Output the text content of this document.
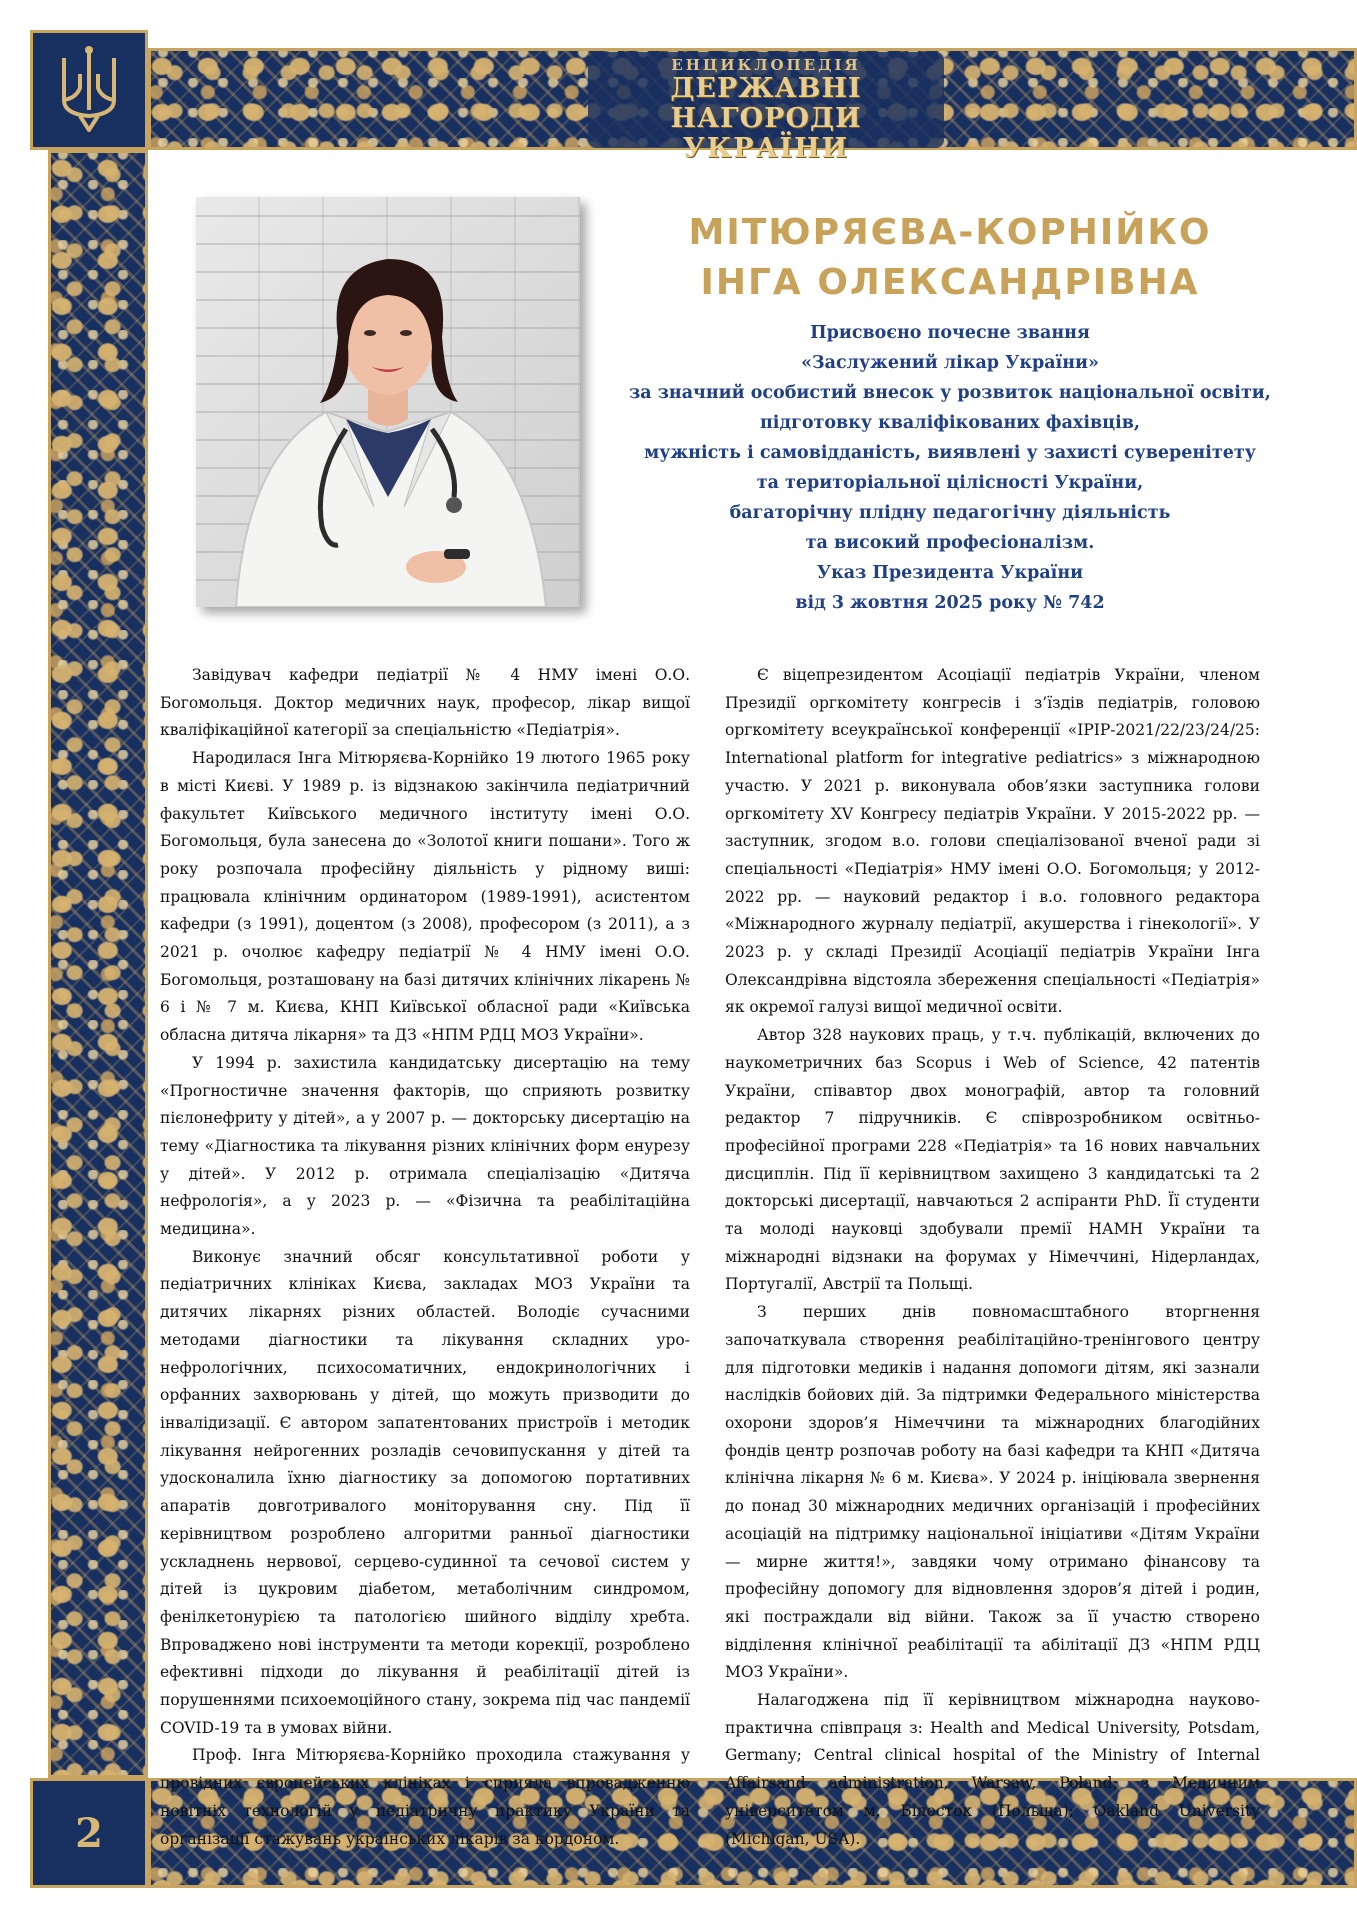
ЕНЦИКЛОПЕДІЯ
ДЕРЖАВНІ НАГОРОДИ
УКРАЇНИ
МІТЮРЯЄВА-КОРНІЙКО
ІНГА ОЛЕКСАНДРІВНА
Присвоєно почесне звання
«Заслужений лікар України»
за значний особистий внесок у розвиток національної освіти,
підготовку кваліфікованих фахівців,
мужність і самовідданість, виявлені у захисті суверенітету
та територіальної цілісності України,
багаторічну плідну педагогічну діяльність
та високий професіоналізм.
Указ Президента України
від 3 жовтня 2025 року № 742

Завідувач кафедри педіатрії № 4 НМУ імені О.О. Богомольця. Доктор медичних наук, професор, лікар вищої кваліфікаційної категорії за спеціальністю «Педіатрія».

Народилася Інга Мітюряєва-Корнійко 19 лютого 1965 року в місті Києві. У 1989 р. із відзнакою закінчила педіатричний факультет Київського медичного інституту імені О.О. Богомольця, була занесена до «Золотої книги пошани». Того ж року розпочала професійну діяльність у рідному виші: працювала клінічним ординатором (1989-1991), асистентом кафедри (з 1991), доцентом (з 2008), професором (з 2011), а з 2021 р. очолює кафедру педіатрії № 4 НМУ імені О.О. Богомольця, розташовану на базі дитячих клінічних лікарень № 6 і № 7 м. Києва, КНП Київської обласної ради «Київська обласна дитяча лікарня» та ДЗ «НПМ РДЦ МОЗ України».

У 1994 р. захистила кандидатську дисертацію на тему «Прогностичне значення факторів, що сприяють розвитку пієлонефриту у дітей», а у 2007 р. — докторську дисертацію на тему «Діагностика та лікування різних клінічних форм енурезу у дітей». У 2012 р. отримала спеціалізацію «Дитяча нефрологія», а у 2023 р. — «Фізична та реабілітаційна медицина».

Виконує значний обсяг консультативної роботи у педіатричних клініках Києва, закладах МОЗ України та дитячих лікарнях різних областей. Володіє сучасними методами діагностики та лікування складних уро-нефрологічних, психосоматичних, ендокринологічних і орфанних захворювань у дітей, що можуть призводити до інвалідизації. Є автором запатентованих пристроїв і методик лікування нейрогенних розладів сечовипускання у дітей та удосконалила їхню діагностику за допомогою портативних апаратів довготривалого моніторування сну. Під її керівництвом розроблено алгоритми ранньої діагностики ускладнень нервової, серцево-судинної та сечової систем у дітей із цукровим діабетом, метаболічним синдромом, фенілкетонурією та патологією шийного відділу хребта. Впроваджено нові інструменти та методи корекції, розроблено ефективні підходи до лікування й реабілітації дітей із порушеннями психоемоційного стану, зокрема під час пандемії COVID-19 та в умовах війни.

Проф. Інга Мітюряєва-Корнійко проходила стажування у провідних європейських клініках і сприяла впровадженню новітніх технологій у педіатричну практику України та організації стажувань українських лікарів за кордоном.

Є віцепрезидентом Асоціації педіатрів України, членом Президії оргкомітету конгресів і з’їздів педіатрів, головою оргкомітету всеукраїнської конференції «ІРІР-2021/22/23/24/25: International platform for integrative pediatrics» з міжнародною участю. У 2021 р. виконувала обов’язки заступника голови оргкомітету XV Конгресу педіатрів України. У 2015-2022 рр. — заступник, згодом в.о. голови спеціалізованої вченої ради зі спеціальності «Педіатрія» НМУ імені О.О. Богомольця; у 2012-2022 рр. — науковий редактор і в.о. головного редактора «Міжнародного журналу педіатрії, акушерства і гінекології». У 2023 р. у складі Президії Асоціації педіатрів України Інга Олександрівна відстояла збереження спеціальності «Педіатрія» як окремої галузі вищої медичної освіти.

Автор 328 наукових праць, у т.ч. публікацій, включених до наукометричних баз Scopus і Web of Science, 42 патентів України, співавтор двох монографій, автор та головний редактор 7 підручників. Є співрозробником освітньо-професійної програми 228 «Педіатрія» та 16 нових навчальних дисциплін. Під її керівництвом захищено 3 кандидатські та 2 докторські дисертації, навчаються 2 аспіранти PhD. Її студенти та молоді науковці здобували премії НАМН України та міжнародні відзнаки на форумах у Німеччині, Нідерландах, Португалії, Австрії та Польщі.

З перших днів повномасштабного вторгнення започаткувала створення реабілітаційно-тренінгового центру для підготовки медиків і надання допомоги дітям, які зазнали наслідків бойових дій. За підтримки Федерального міністерства охорони здоров’я Німеччини та міжнародних благодійних фондів центр розпочав роботу на базі кафедри та КНП «Дитяча клінічна лікарня № 6 м. Києва». У 2024 р. ініціювала звернення до понад 30 міжнародних медичних організацій і професійних асоціацій на підтримку національної ініціативи «Дітям України — мирне життя!», завдяки чому отримано фінансову та професійну допомогу для відновлення здоров’я дітей і родин, які постраждали від війни. Також за її участю створено відділення клінічної реабілітації та абілітації ДЗ «НПМ РДЦ МОЗ України».

Налагоджена під її керівництвом міжнародна науково-практична співпраця з: Health and Medical University, Potsdam, Germany; Central clinical hospital of the Ministry of Internal Affairsand administration, Warsaw, Poland; з Медичним університетом м. Білосток (Польща); Oakland University (Michigan, USA).

2
